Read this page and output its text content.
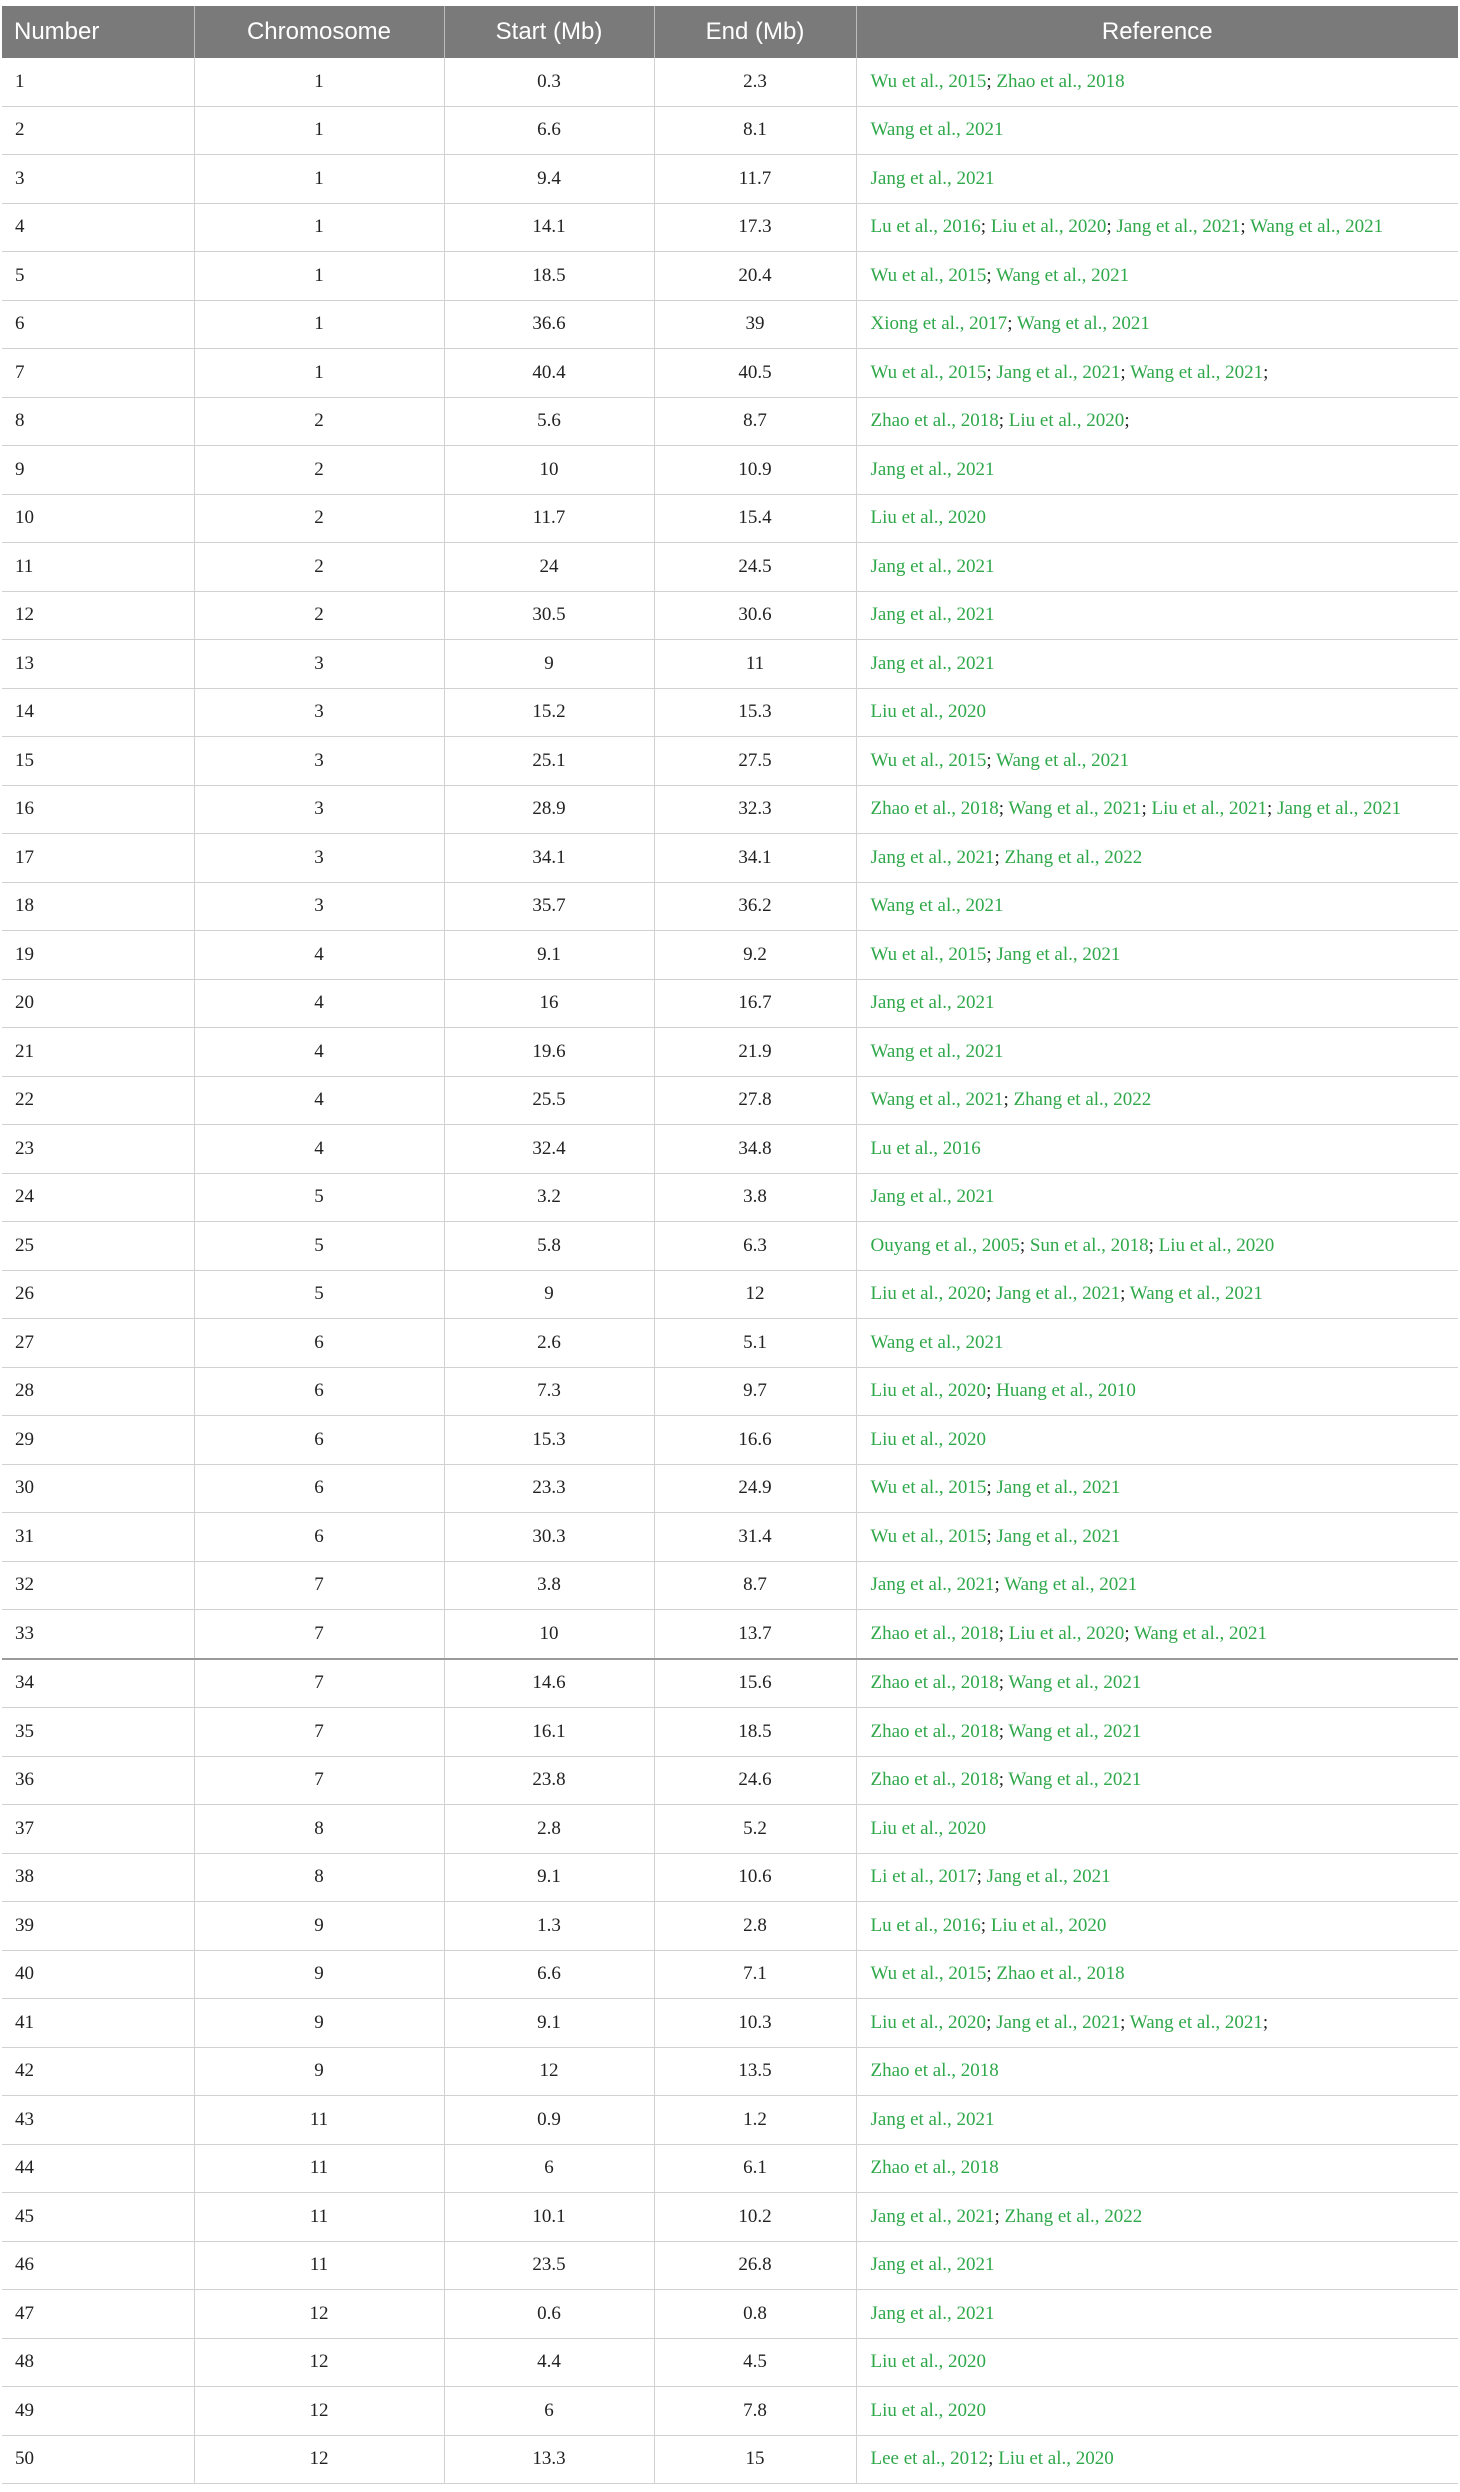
Number	Chromosome	Start (Mb)	End (Mb)	Reference
1	1	0.3	2.3	Wu et al., 2015; Zhao et al., 2018
2	1	6.6	8.1	Wang et al., 2021
3	1	9.4	11.7	Jang et al., 2021
4	1	14.1	17.3	Lu et al., 2016; Liu et al., 2020; Jang et al., 2021; Wang et al., 2021
5	1	18.5	20.4	Wu et al., 2015; Wang et al., 2021
6	1	36.6	39	Xiong et al., 2017; Wang et al., 2021
7	1	40.4	40.5	Wu et al., 2015; Jang et al., 2021; Wang et al., 2021;
8	2	5.6	8.7	Zhao et al., 2018; Liu et al., 2020;
9	2	10	10.9	Jang et al., 2021
10	2	11.7	15.4	Liu et al., 2020
11	2	24	24.5	Jang et al., 2021
12	2	30.5	30.6	Jang et al., 2021
13	3	9	11	Jang et al., 2021
14	3	15.2	15.3	Liu et al., 2020
15	3	25.1	27.5	Wu et al., 2015; Wang et al., 2021
16	3	28.9	32.3	Zhao et al., 2018; Wang et al., 2021; Liu et al., 2021; Jang et al., 2021
17	3	34.1	34.1	Jang et al., 2021; Zhang et al., 2022
18	3	35.7	36.2	Wang et al., 2021
19	4	9.1	9.2	Wu et al., 2015; Jang et al., 2021
20	4	16	16.7	Jang et al., 2021
21	4	19.6	21.9	Wang et al., 2021
22	4	25.5	27.8	Wang et al., 2021; Zhang et al., 2022
23	4	32.4	34.8	Lu et al., 2016
24	5	3.2	3.8	Jang et al., 2021
25	5	5.8	6.3	Ouyang et al., 2005; Sun et al., 2018; Liu et al., 2020
26	5	9	12	Liu et al., 2020; Jang et al., 2021; Wang et al., 2021
27	6	2.6	5.1	Wang et al., 2021
28	6	7.3	9.7	Liu et al., 2020; Huang et al., 2010
29	6	15.3	16.6	Liu et al., 2020
30	6	23.3	24.9	Wu et al., 2015; Jang et al., 2021
31	6	30.3	31.4	Wu et al., 2015; Jang et al., 2021
32	7	3.8	8.7	Jang et al., 2021; Wang et al., 2021
33	7	10	13.7	Zhao et al., 2018; Liu et al., 2020; Wang et al., 2021
34	7	14.6	15.6	Zhao et al., 2018; Wang et al., 2021
35	7	16.1	18.5	Zhao et al., 2018; Wang et al., 2021
36	7	23.8	24.6	Zhao et al., 2018; Wang et al., 2021
37	8	2.8	5.2	Liu et al., 2020
38	8	9.1	10.6	Li et al., 2017; Jang et al., 2021
39	9	1.3	2.8	Lu et al., 2016; Liu et al., 2020
40	9	6.6	7.1	Wu et al., 2015; Zhao et al., 2018
41	9	9.1	10.3	Liu et al., 2020; Jang et al., 2021; Wang et al., 2021;
42	9	12	13.5	Zhao et al., 2018
43	11	0.9	1.2	Jang et al., 2021
44	11	6	6.1	Zhao et al., 2018
45	11	10.1	10.2	Jang et al., 2021; Zhang et al., 2022
46	11	23.5	26.8	Jang et al., 2021
47	12	0.6	0.8	Jang et al., 2021
48	12	4.4	4.5	Liu et al., 2020
49	12	6	7.8	Liu et al., 2020
50	12	13.3	15	Lee et al., 2012; Liu et al., 2020
